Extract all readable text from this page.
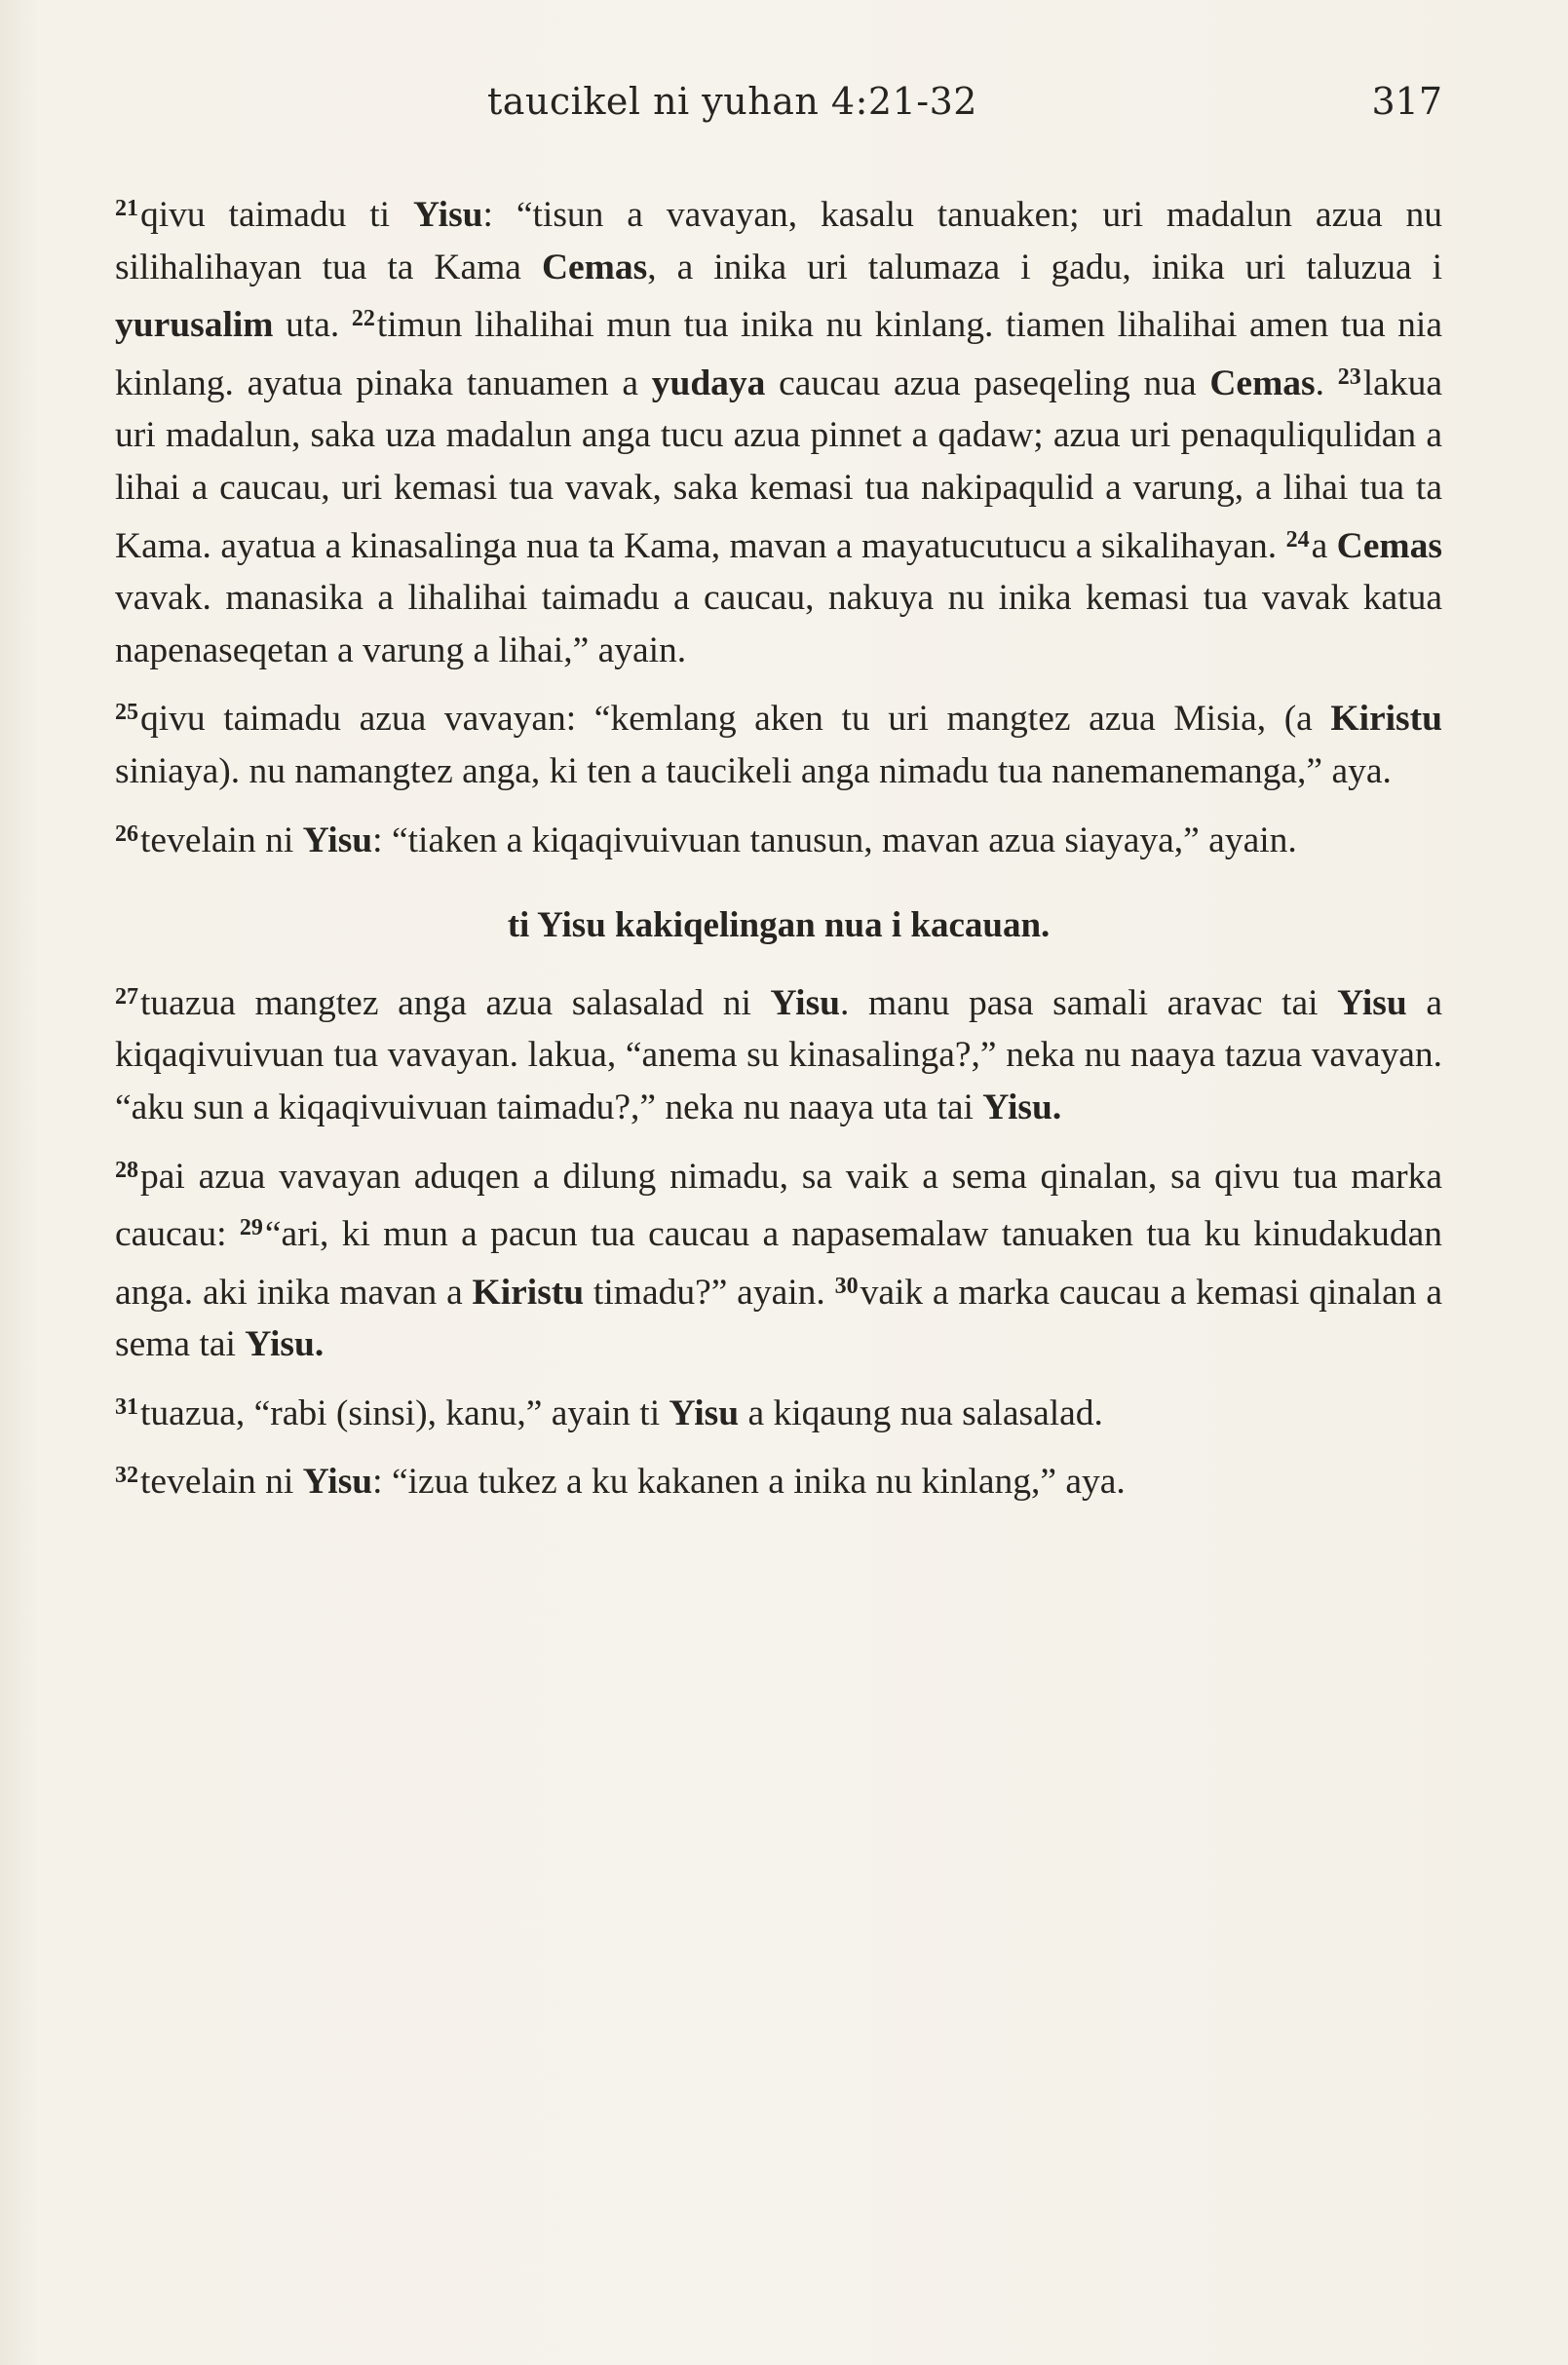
taucikel ni yuhan 4:21-32	317

$^{21}$qivu taimadu ti Yisu: “tisun a vavayan, kasalu tanuaken; uri madalun azua nu silihalihayan tua ta Kama Cemas, a inika uri talumaza i gadu, inika uri taluzua i yurusalim uta. $^{22}$timun lihalihai mun tua inika nu kinlang. tiamen lihalihai amen tua nia kinlang. ayatua pinaka tanuamen a yudaya caucau azua paseqeling nua Cemas. $^{23}$lakua uri madalun, saka uza madalun anga tucu azua pinnet a qadaw; azua uri penaquliqulidan a lihai a caucau, uri kemasi tua vavak, saka kemasi tua nakipaqulid a varung, a lihai tua ta Kama. ayatua a kinasalinga nua ta Kama, mavan a mayatucutucu a sikalihayan. $^{24}$a Cemas vavak. manasika a lihalihai taimadu a caucau, nakuya nu inika kemasi tua vavak katua napenaseqetan a varung a lihai,” ayain.

$^{25}$qivu taimadu azua vavayan: “kemlang aken tu uri mangtez azua Misia, (a Kiristu siniaya). nu namangtez anga, ki ten a taucikeli anga nimadu tua nanemanemanga,” aya.

$^{26}$tevelain ni Yisu: “tiaken a kiqaqivuivuan tanusun, mavan azua siayaya,” ayain.

ti Yisu kakiqelingan nua i kacauan.

$^{27}$tuazua mangtez anga azua salasalad ni Yisu. manu pasa samali aravac tai Yisu a kiqaqivuivuan tua vavayan. lakua, “anema su kinasalinga?,” neka nu naaya tazua vavayan. “aku sun a kiqaqivuivuan taimadu?,” neka nu naaya uta tai Yisu.

$^{28}$pai azua vavayan aduqen a dilung nimadu, sa vaik a sema qinalan, sa qivu tua marka caucau: $^{29}$“ari, ki mun a pacun tua caucau a napasemalaw tanuaken tua ku kinudakudan anga. aki inika mavan a Kiristu timadu?” ayain. $^{30}$vaik a marka caucau a kemasi qinalan a sema tai Yisu.

$^{31}$tuazua, “rabi (sinsi), kanu,” ayain ti Yisu a kiqaung nua salasalad.

$^{32}$tevelain ni Yisu: “izua tukez a ku kakanen a inika nu kinlang,” aya.
